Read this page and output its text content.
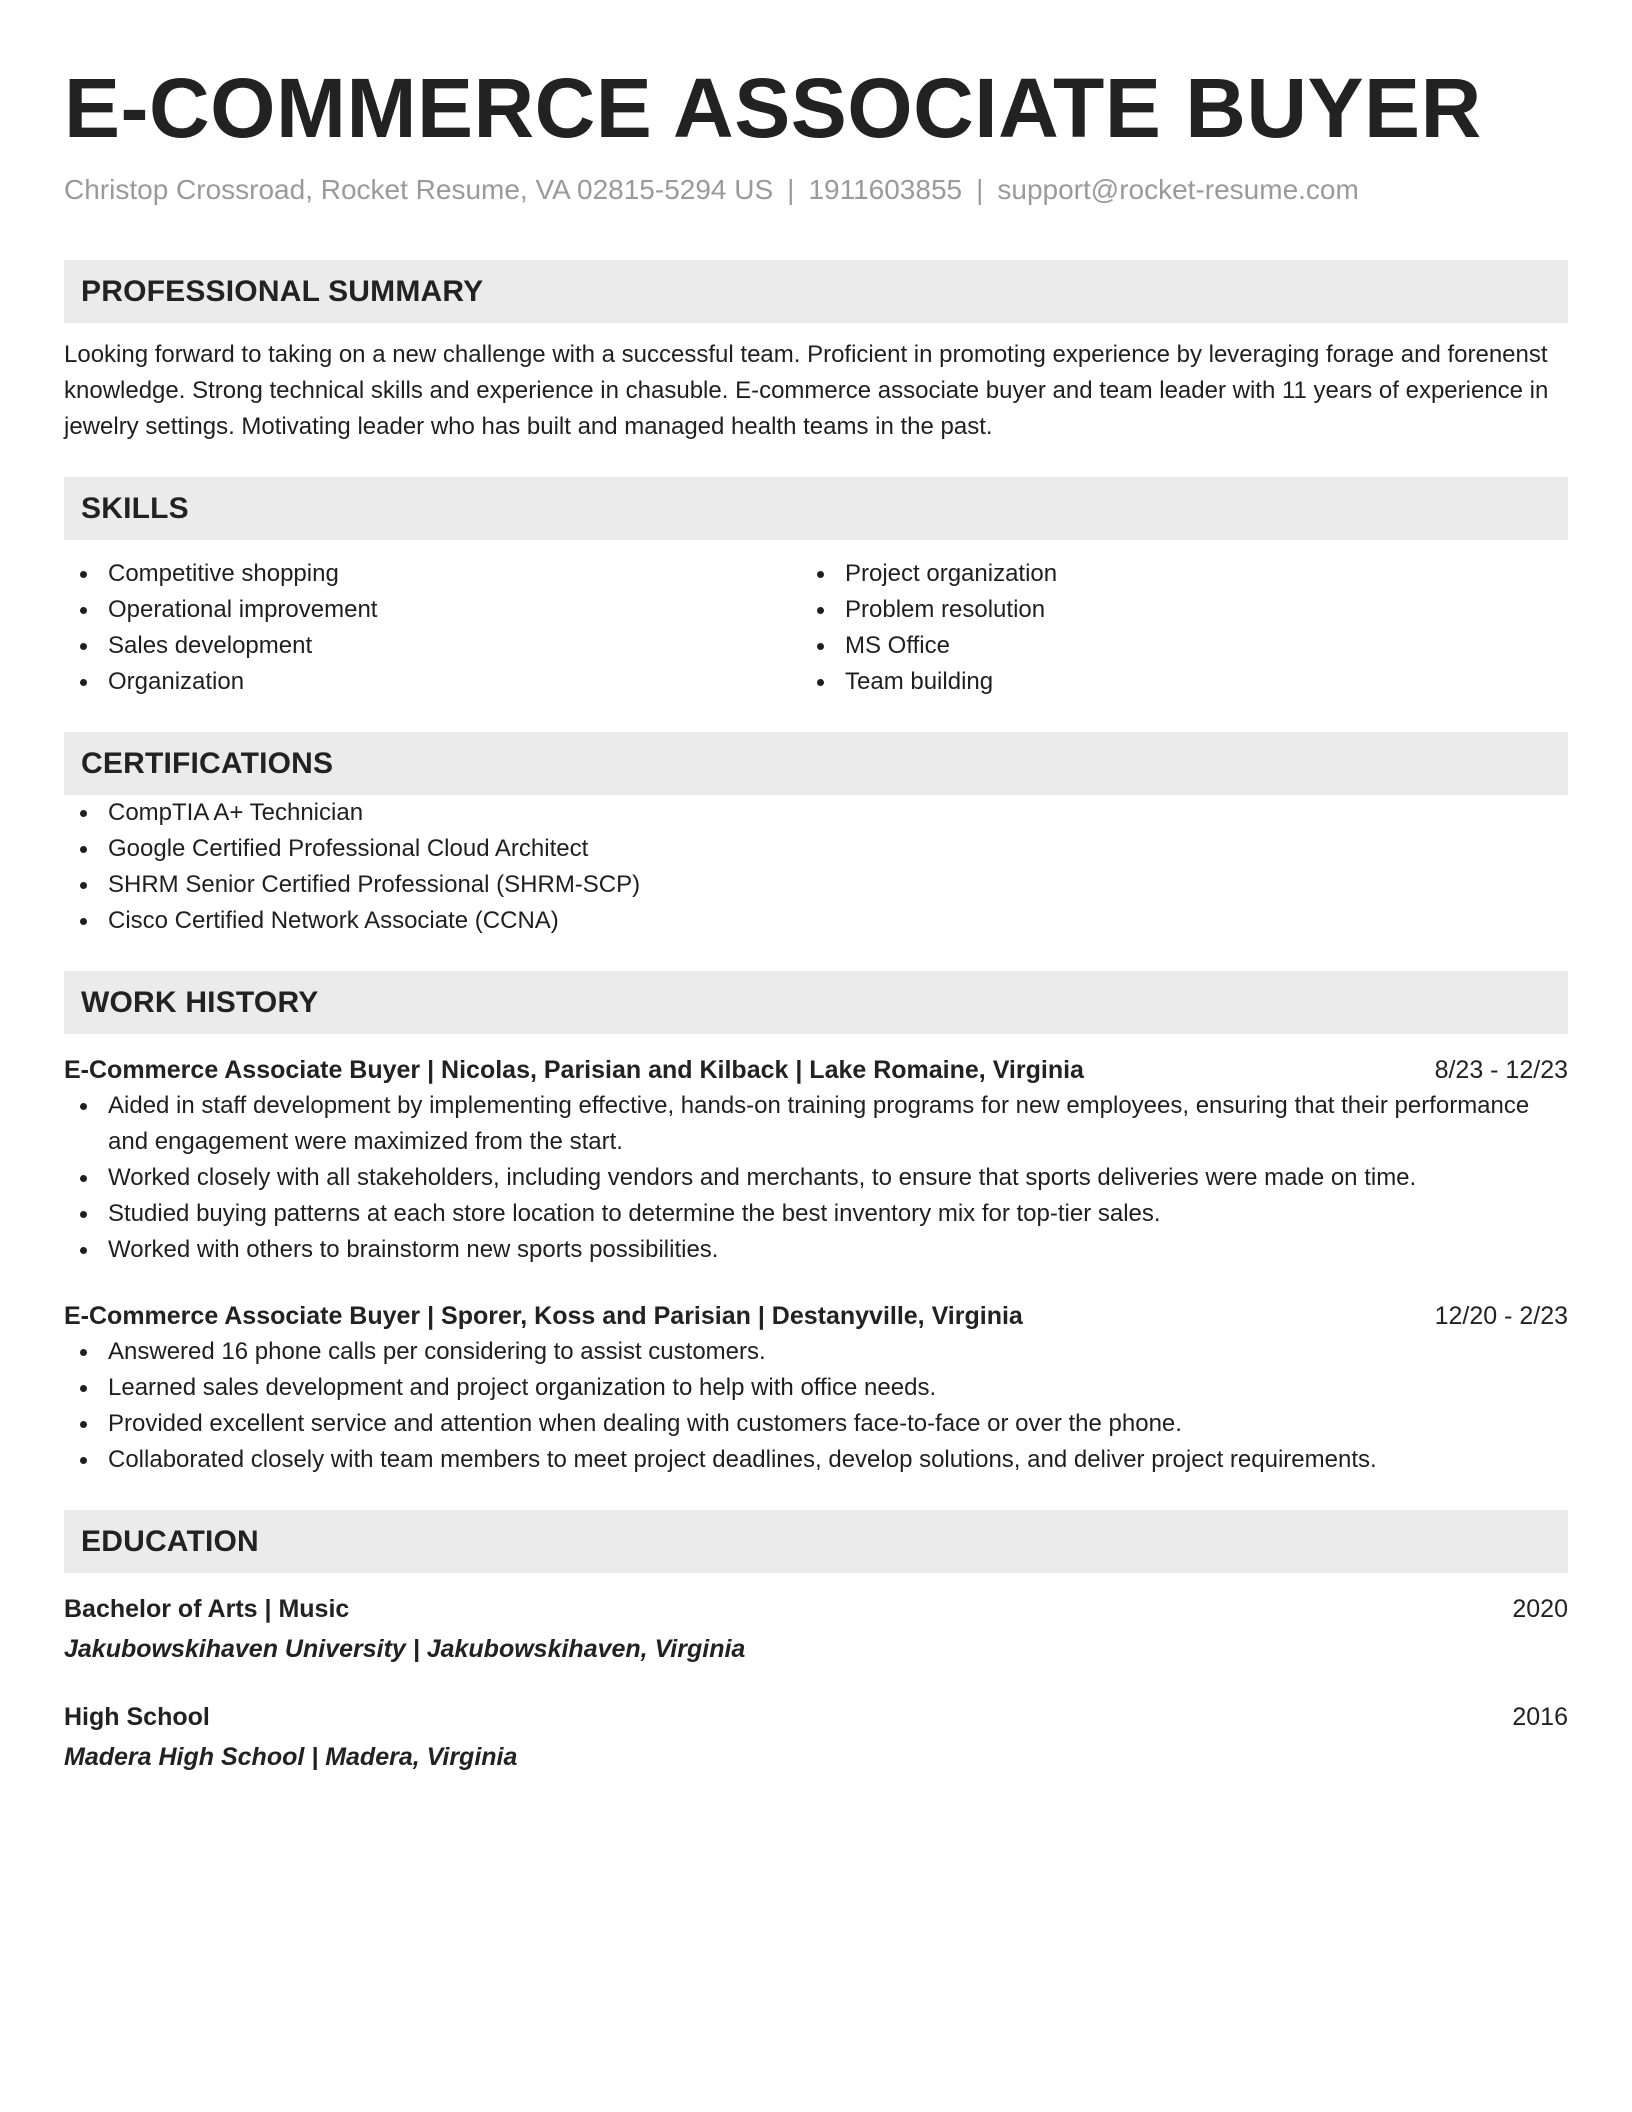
E-COMMERCE ASSOCIATE BUYER
Christop Crossroad, Rocket Resume, VA 02815-5294 US | 1911603855 | support@rocket-resume.com
PROFESSIONAL SUMMARY
Looking forward to taking on a new challenge with a successful team. Proficient in promoting experience by leveraging forage and forenenst knowledge. Strong technical skills and experience in chasuble. E-commerce associate buyer and team leader with 11 years of experience in jewelry settings. Motivating leader who has built and managed health teams in the past.
SKILLS
Competitive shopping
Operational improvement
Sales development
Organization
Project organization
Problem resolution
MS Office
Team building
CERTIFICATIONS
CompTIA A+ Technician
Google Certified Professional Cloud Architect
SHRM Senior Certified Professional (SHRM-SCP)
Cisco Certified Network Associate (CCNA)
WORK HISTORY
E-Commerce Associate Buyer | Nicolas, Parisian and Kilback | Lake Romaine, Virginia	8/23 - 12/23
Aided in staff development by implementing effective, hands-on training programs for new employees, ensuring that their performance and engagement were maximized from the start.
Worked closely with all stakeholders, including vendors and merchants, to ensure that sports deliveries were made on time.
Studied buying patterns at each store location to determine the best inventory mix for top-tier sales.
Worked with others to brainstorm new sports possibilities.
E-Commerce Associate Buyer | Sporer, Koss and Parisian | Destanyville, Virginia	12/20 - 2/23
Answered 16 phone calls per considering to assist customers.
Learned sales development and project organization to help with office needs.
Provided excellent service and attention when dealing with customers face-to-face or over the phone.
Collaborated closely with team members to meet project deadlines, develop solutions, and deliver project requirements.
EDUCATION
Bachelor of Arts | Music	2020
Jakubowskihaven University | Jakubowskihaven, Virginia
High School	2016
Madera High School | Madera, Virginia
